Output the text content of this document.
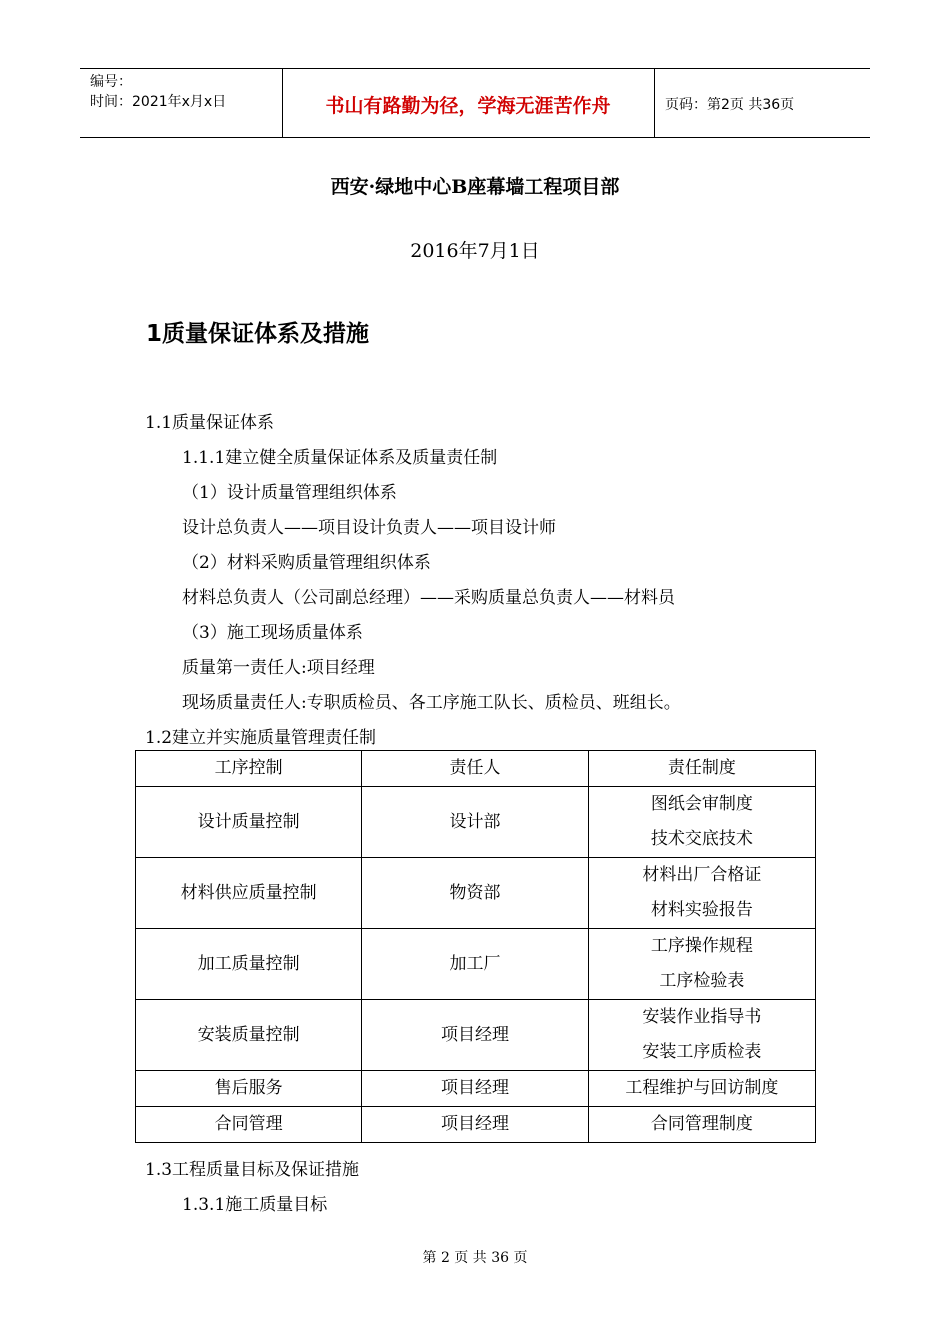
编号：
时间：2021年x月x日	书山有路勤为径，学海无涯苦作舟	页码：第2页 共36页
西安·绿地中心B座幕墙工程项目部
2016年7月1日
1质量保证体系及措施
1.1质量保证体系
1.1.1建立健全质量保证体系及质量责任制
（1）设计质量管理组织体系
设计总负责人——项目设计负责人——项目设计师
（2）材料采购质量管理组织体系
材料总负责人（公司副总经理）——采购质量总负责人——材料员
（3）施工现场质量体系
质量第一责任人:项目经理
现场质量责任人:专职质检员、各工序施工队长、质检员、班组长。
1.2建立并实施质量管理责任制
工序控制	责任人	责任制度
设计质量控制	设计部	图纸会审制度
技术交底技术

材料供应质量控制	物资部	材料出厂合格证
材料实验报告

加工质量控制	加工厂	工序操作规程
工序检验表

安装质量控制	项目经理	安装作业指导书
安装工序质检表

售后服务	项目经理	工程维护与回访制度
合同管理	项目经理	合同管理制度
1.3工程质量目标及保证措施
1.3.1施工质量目标
第 2 页 共 36 页
